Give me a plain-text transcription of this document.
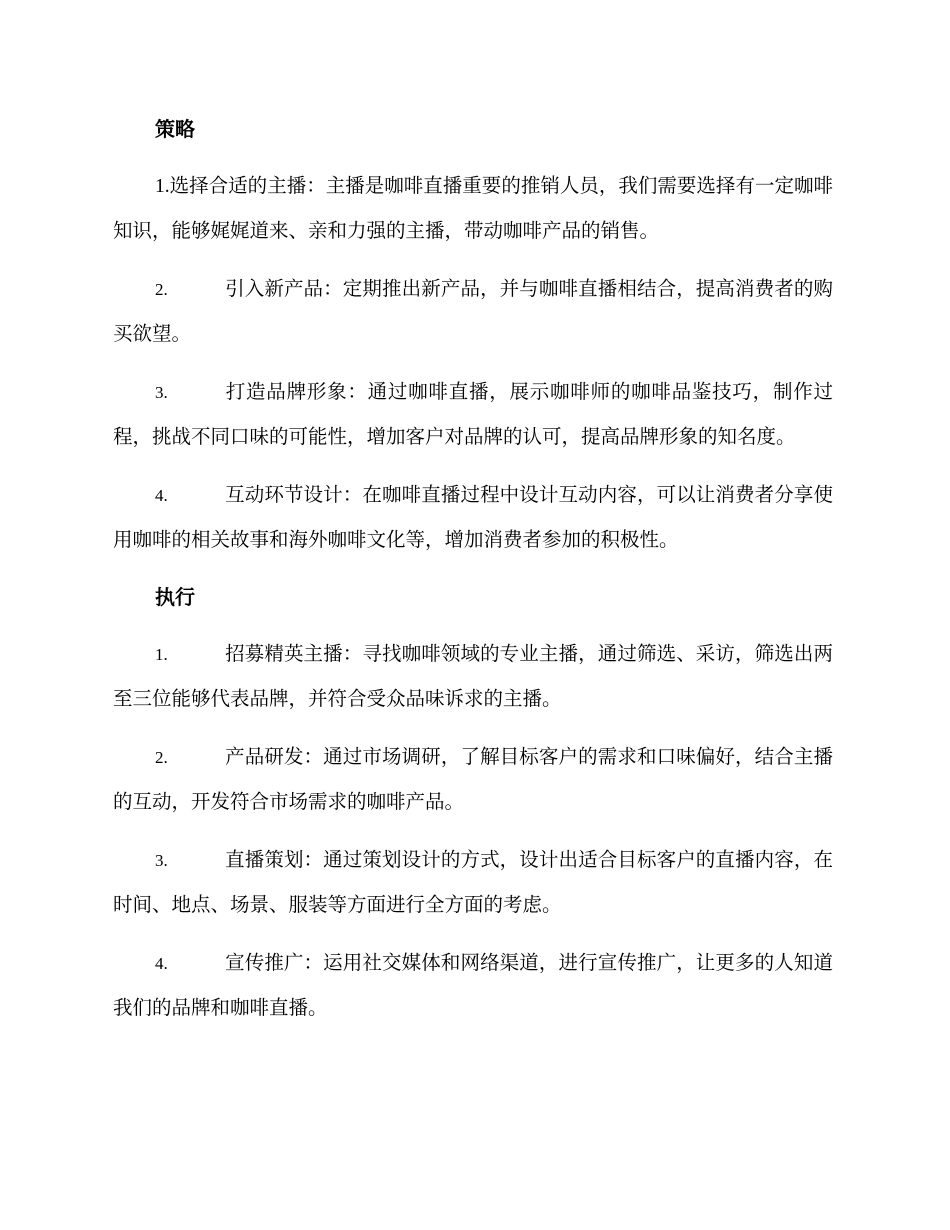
策略

1.选择合适的主播：主播是咖啡直播重要的推销人员，我们需要选择有一定咖啡知识，能够娓娓道来、亲和力强的主播，带动咖啡产品的销售。

2.	引入新产品：定期推出新产品，并与咖啡直播相结合，提高消费者的购买欲望。

3.	打造品牌形象：通过咖啡直播，展示咖啡师的咖啡品鉴技巧，制作过程，挑战不同口味的可能性，增加客户对品牌的认可，提高品牌形象的知名度。

4.	互动环节设计：在咖啡直播过程中设计互动内容，可以让消费者分享使用咖啡的相关故事和海外咖啡文化等，增加消费者参加的积极性。

执行

1.	招募精英主播：寻找咖啡领域的专业主播，通过筛选、采访，筛选出两至三位能够代表品牌，并符合受众品味诉求的主播。

2.	产品研发：通过市场调研，了解目标客户的需求和口味偏好，结合主播的互动，开发符合市场需求的咖啡产品。

3.	直播策划：通过策划设计的方式，设计出适合目标客户的直播内容，在时间、地点、场景、服装等方面进行全方面的考虑。

4.	宣传推广：运用社交媒体和网络渠道，进行宣传推广，让更多的人知道我们的品牌和咖啡直播。
